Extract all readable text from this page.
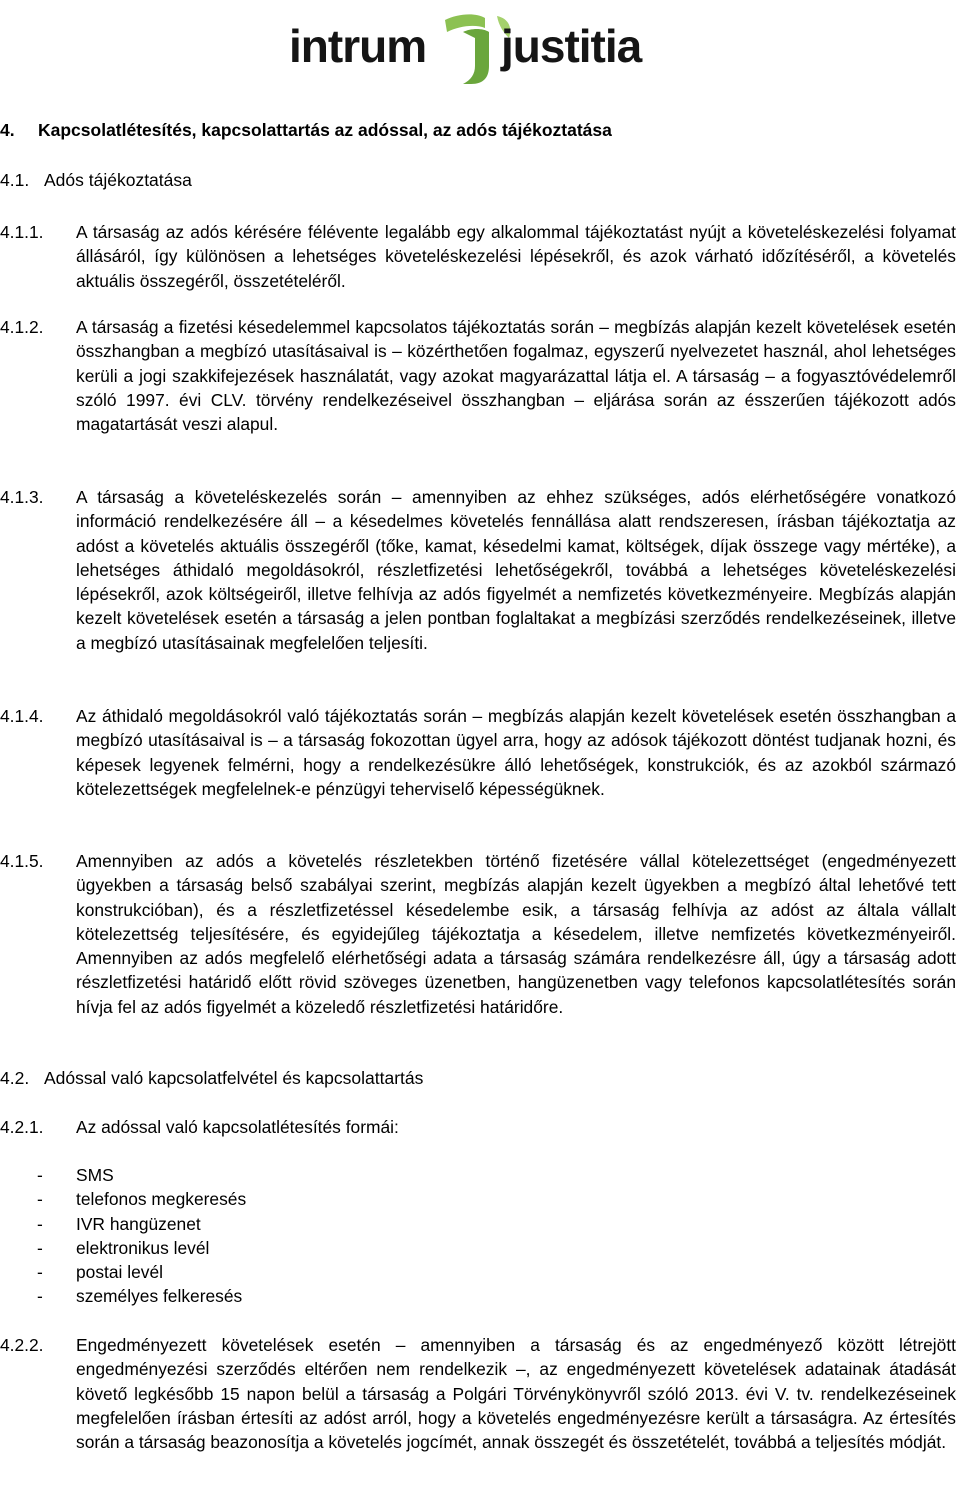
intrum justitia
4. Kapcsolatlétesítés, kapcsolattartás az adóssal, az adós tájékoztatása
4.1. Adós tájékoztatása
4.1.1. A társaság az adós kérésére félévente legalább egy alkalommal tájékoztatást nyújt a követeléskezelési folyamat állásáról, így különösen a lehetséges követeléskezelési lépésekről, és azok várható időzítéséről, a követelés aktuális összegéről, összetételéről.
4.1.2. A társaság a fizetési késedelemmel kapcsolatos tájékoztatás során – megbízás alapján kezelt követelések esetén összhangban a megbízó utasításaival is – közérthetően fogalmaz, egyszerű nyelvezetet használ, ahol lehetséges kerüli a jogi szakkifejezések használatát, vagy azokat magyarázattal látja el. A társaság – a fogyasztóvédelemről szóló 1997. évi CLV. törvény rendelkezéseivel összhangban – eljárása során az ésszerűen tájékozott adós magatartását veszi alapul.
4.1.3. A társaság a követeléskezelés során – amennyiben az ehhez szükséges, adós elérhetőségére vonatkozó információ rendelkezésére áll – a késedelmes követelés fennállása alatt rendszeresen, írásban tájékoztatja az adóst a követelés aktuális összegéről (tőke, kamat, késedelmi kamat, költségek, díjak összege vagy mértéke), a lehetséges áthidaló megoldásokról, részletfizetési lehetőségekről, továbbá a lehetséges követeléskezelési lépésekről, azok költségeiről, illetve felhívja az adós figyelmét a nemfizetés következményeire. Megbízás alapján kezelt követelések esetén a társaság a jelen pontban foglaltakat a megbízási szerződés rendelkezéseinek, illetve a megbízó utasításainak megfelelően teljesíti.
4.1.4. Az áthidaló megoldásokról való tájékoztatás során – megbízás alapján kezelt követelések esetén összhangban a megbízó utasításaival is – a társaság fokozottan ügyel arra, hogy az adósok tájékozott döntést tudjanak hozni, és képesek legyenek felmérni, hogy a rendelkezésükre álló lehetőségek, konstrukciók, és az azokból származó kötelezettségek megfelelnek-e pénzügyi teherviselő képességüknek.
4.1.5. Amennyiben az adós a követelés részletekben történő fizetésére vállal kötelezettséget (engedményezett ügyekben a társaság belső szabályai szerint, megbízás alapján kezelt ügyekben a megbízó által lehetővé tett konstrukcióban), és a részletfizetéssel késedelembe esik, a társaság felhívja az adóst az általa vállalt kötelezettség teljesítésére, és egyidejűleg tájékoztatja a késedelem, illetve nemfizetés következményeiről. Amennyiben az adós megfelelő elérhetőségi adata a társaság számára rendelkezésre áll, úgy a társaság adott részletfizetési határidő előtt rövid szöveges üzenetben, hangüzenetben vagy telefonos kapcsolatlétesítés során hívja fel az adós figyelmét a közeledő részletfizetési határidőre.
4.2. Adóssal való kapcsolatfelvétel és kapcsolattartás
4.2.1. Az adóssal való kapcsolatlétesítés formái:
- SMS
- telefonos megkeresés
- IVR hangüzenet
- elektronikus levél
- postai levél
- személyes felkeresés
4.2.2. Engedményezett követelések esetén – amennyiben a társaság és az engedményező között létrejött engedményezési szerződés eltérően nem rendelkezik –, az engedményezett követelések adatainak átadását követő legkésőbb 15 napon belül a társaság a Polgári Törvénykönyvről szóló 2013. évi V. tv. rendelkezéseinek megfelelően írásban értesíti az adóst arról, hogy a követelés engedményezésre került a társaságra. Az értesítés során a társaság beazonosítja a követelés jogcímét, annak összegét és összetételét, továbbá a teljesítés módját.
